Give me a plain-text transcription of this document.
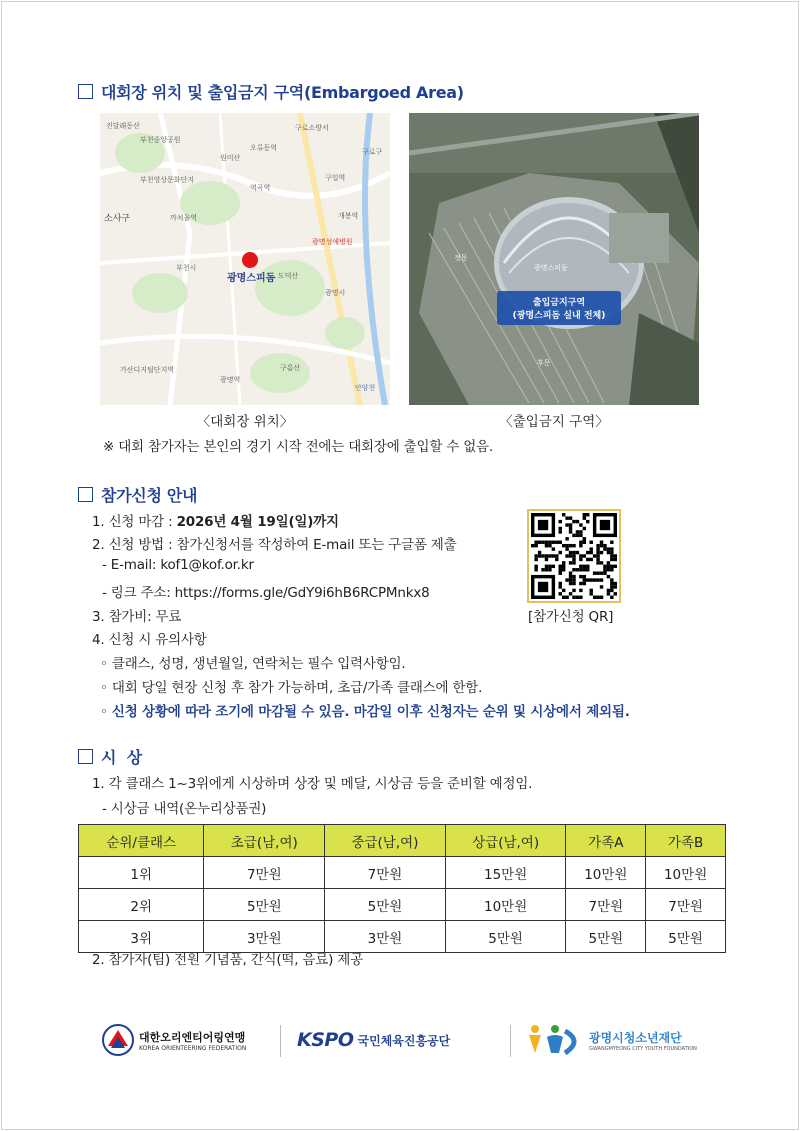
대회장 위치 및 출입금지 구역(Embargoed Area)
광명스피돔
진달래동산
부천중앙공원
부천영상문화단지
까치울역
원미산
구로소방서
구로구
소사구
부천시
역곡역
오류동역
구일역
개봉역
광명성애병원
광명시
도덕산
구름산
광명역
가산디지털단지역
안양천
〈대회장 위치〉
출입금지구역
(광명스피돔 실내 전체)
광명스피돔
정문
후문
〈출입금지 구역〉
※ 대회 참가자는 본인의 경기 시작 전에는 대회장에 출입할 수 없음.
참가신청 안내
1. 신청 마감 : 2026년 4월 19일(일)까지
2. 신청 방법 : 참가신청서를 작성하여 E-mail 또는 구글폼 제출
- E-mail: kof1@kof.or.kr
- 링크 주소: https://forms.gle/GdY9i6hB6RCPMnkx8
3. 참가비: 무료
4. 신청 시 유의사항
◦ 클래스, 성명, 생년월일, 연락처는 필수 입력사항임.
◦ 대회 당일 현장 신청 후 참가 가능하며, 초급/가족 클래스에 한함.
◦ 신청 상황에 따라 조기에 마감될 수 있음. 마감일 이후 신청자는 순위 및 시상에서 제외됨.
[참가신청 QR]
시  상
1. 각 클래스 1~3위에게 시상하며 상장 및 메달, 시상금 등을 준비할 예정임.
- 시상금 내역(온누리상품권)
순위/클래스	초급(남,여)	중급(남,여)	상급(남,여)	가족A	가족B
1위	7만원	7만원	15만원	10만원	10만원
2위	5만원	5만원	10만원	7만원	7만원
3위	3만원	3만원	5만원	5만원	5만원
2. 참가자(팀) 전원 기념품, 간식(떡, 음료) 제공
대한오리엔티어링연맹
KOREA ORIENTEERING FEDERATION	KSPO 국민체육진흥공단	광명시청소년재단
GWANGMYEONG CITY YOUTH FOUNDATION
